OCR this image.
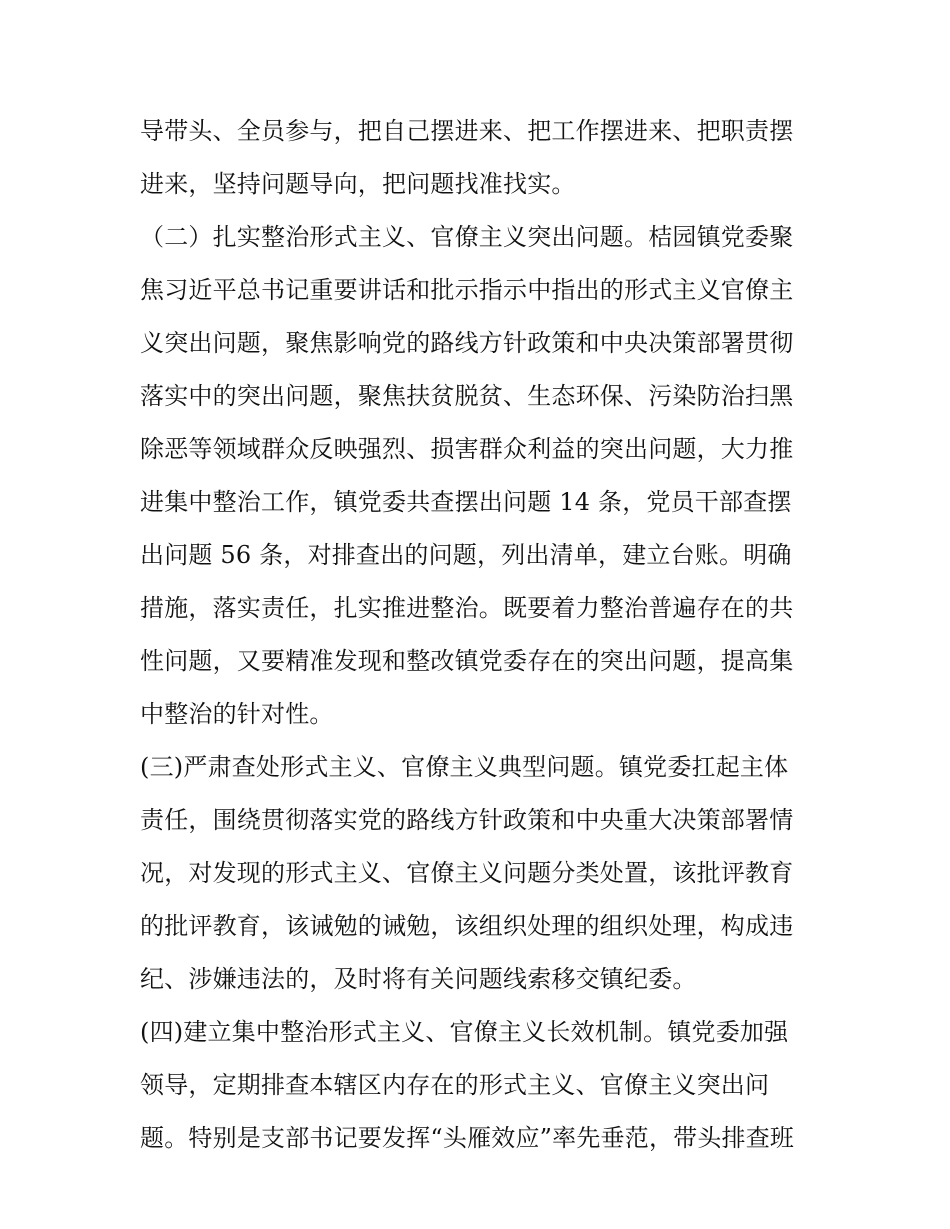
导带头、全员参与，把自己摆进来、把工作摆进来、把职责摆
进来，坚持问题导向，把问题找准找实。
（二）扎实整治形式主义、官僚主义突出问题。桔园镇党委聚
焦习近平总书记重要讲话和批示指示中指出的形式主义官僚主
义突出问题，聚焦影响党的路线方针政策和中央决策部署贯彻
落实中的突出问题，聚焦扶贫脱贫、生态环保、污染防治扫黑
除恶等领域群众反映强烈、损害群众利益的突出问题，大力推
进集中整治工作，镇党委共查摆出问题 14 条，党员干部查摆
出问题 56 条，对排查出的问题，列出清单，建立台账。明确
措施，落实责任，扎实推进整治。既要着力整治普遍存在的共
性问题，又要精准发现和整改镇党委存在的突出问题，提高集
中整治的针对性。
(三)严肃查处形式主义、官僚主义典型问题。镇党委扛起主体
责任，围绕贯彻落实党的路线方针政策和中央重大决策部署情
况，对发现的形式主义、官僚主义问题分类处置，该批评教育
的批评教育，该诫勉的诫勉，该组织处理的组织处理，构成违
纪、涉嫌违法的，及时将有关问题线索移交镇纪委。
(四)建立集中整治形式主义、官僚主义长效机制。镇党委加强
领导，定期排查本辖区内存在的形式主义、官僚主义突出问
题。特别是支部书记要发挥“头雁效应”率先垂范，带头排查班
